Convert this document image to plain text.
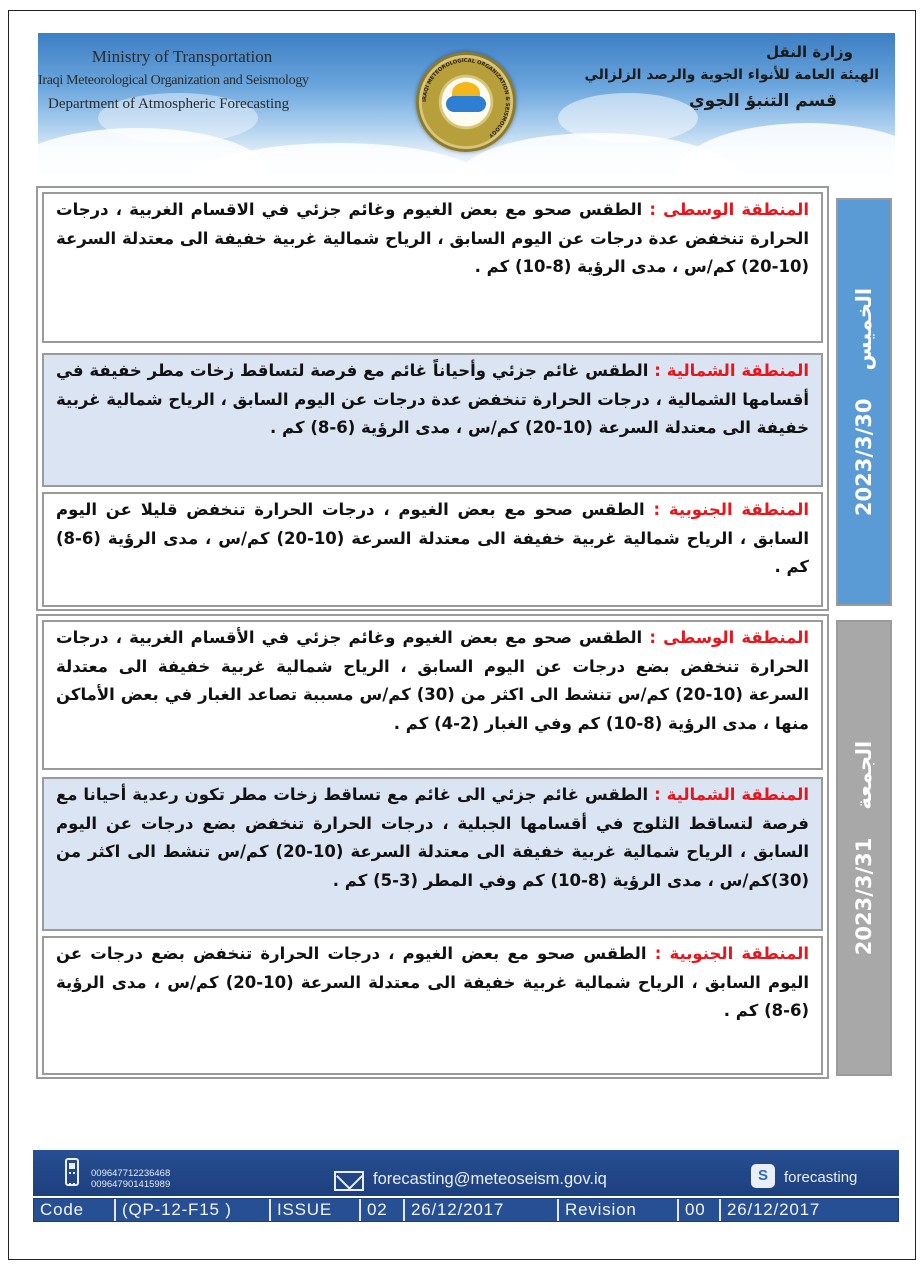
Ministry of Transportation
Iraqi Meteorological Organization and Seismology
Department of Atmospheric Forecasting	IRAQI METEOROLOGICAL ORGANIZATION & SEISMOLOGY
وزارة النقل
الهيئة العامة للأنواء الجوية والرصد الزلزالي
قسم التنبؤ الجوي
المنطقة الوسطى : الطقس صحو مع بعض الغيوم وغائم جزئي في الاقسام الغربية ، درجات الحرارة تنخفض عدة درجات عن اليوم السابق ، الرياح شمالية غربية خفيفة الى معتدلة السرعة (10-20) كم/س ، مدى الرؤية (8-10) كم .
المنطقة الشمالية : الطقس غائم جزئي وأحياناً غائم مع فرصة لتساقط زخات مطر خفيفة في أقسامها الشمالية ، درجات الحرارة تنخفض عدة درجات عن اليوم السابق ، الرياح شمالية غربية خفيفة الى معتدلة السرعة (10-20) كم/س ، مدى الرؤية (6-8) كم .
المنطقة الجنوبية : الطقس صحو مع بعض الغيوم ، درجات الحرارة تنخفض قليلا عن اليوم السابق ، الرياح شمالية غربية خفيفة الى معتدلة السرعة (10-20) كم/س ، مدى الرؤية (6-8) كم .
2023/3/30الخميس
المنطقة الوسطى : الطقس صحو مع بعض الغيوم وغائم جزئي في الأقسام الغربية ، درجات الحرارة تنخفض بضع درجات عن اليوم السابق ، الرياح شمالية غربية خفيفة الى معتدلة السرعة (10-20) كم/س تنشط الى اكثر من (30) كم/س مسببة تصاعد الغبار في بعض الأماكن منها ، مدى الرؤية (8-10) كم وفي الغبار (2-4) كم .
المنطقة الشمالية : الطقس غائم جزئي الى غائم مع تساقط زخات مطر تكون رعدية أحيانا مع فرصة لتساقط الثلوج في أقسامها الجبلية ، درجات الحرارة تنخفض بضع درجات عن اليوم السابق ، الرياح شمالية غربية خفيفة الى معتدلة السرعة (10-20) كم/س تنشط الى اكثر من (30)كم/س ، مدى الرؤية (8-10) كم وفي المطر (3-5) كم .
المنطقة الجنوبية : الطقس صحو مع بعض الغيوم ، درجات الحرارة تنخفض بضع درجات عن اليوم السابق ، الرياح شمالية غربية خفيفة الى معتدلة السرعة (10-20) كم/س ، مدى الرؤية (6-8) كم .
2023/3/31الجمعة
009647712236468
009647901415989	forecasting@meteoseism.gov.iq	S	forecasting
Code	(QP-12-F15 )	ISSUE	02	26/12/2017	Revision	00	26/12/2017
